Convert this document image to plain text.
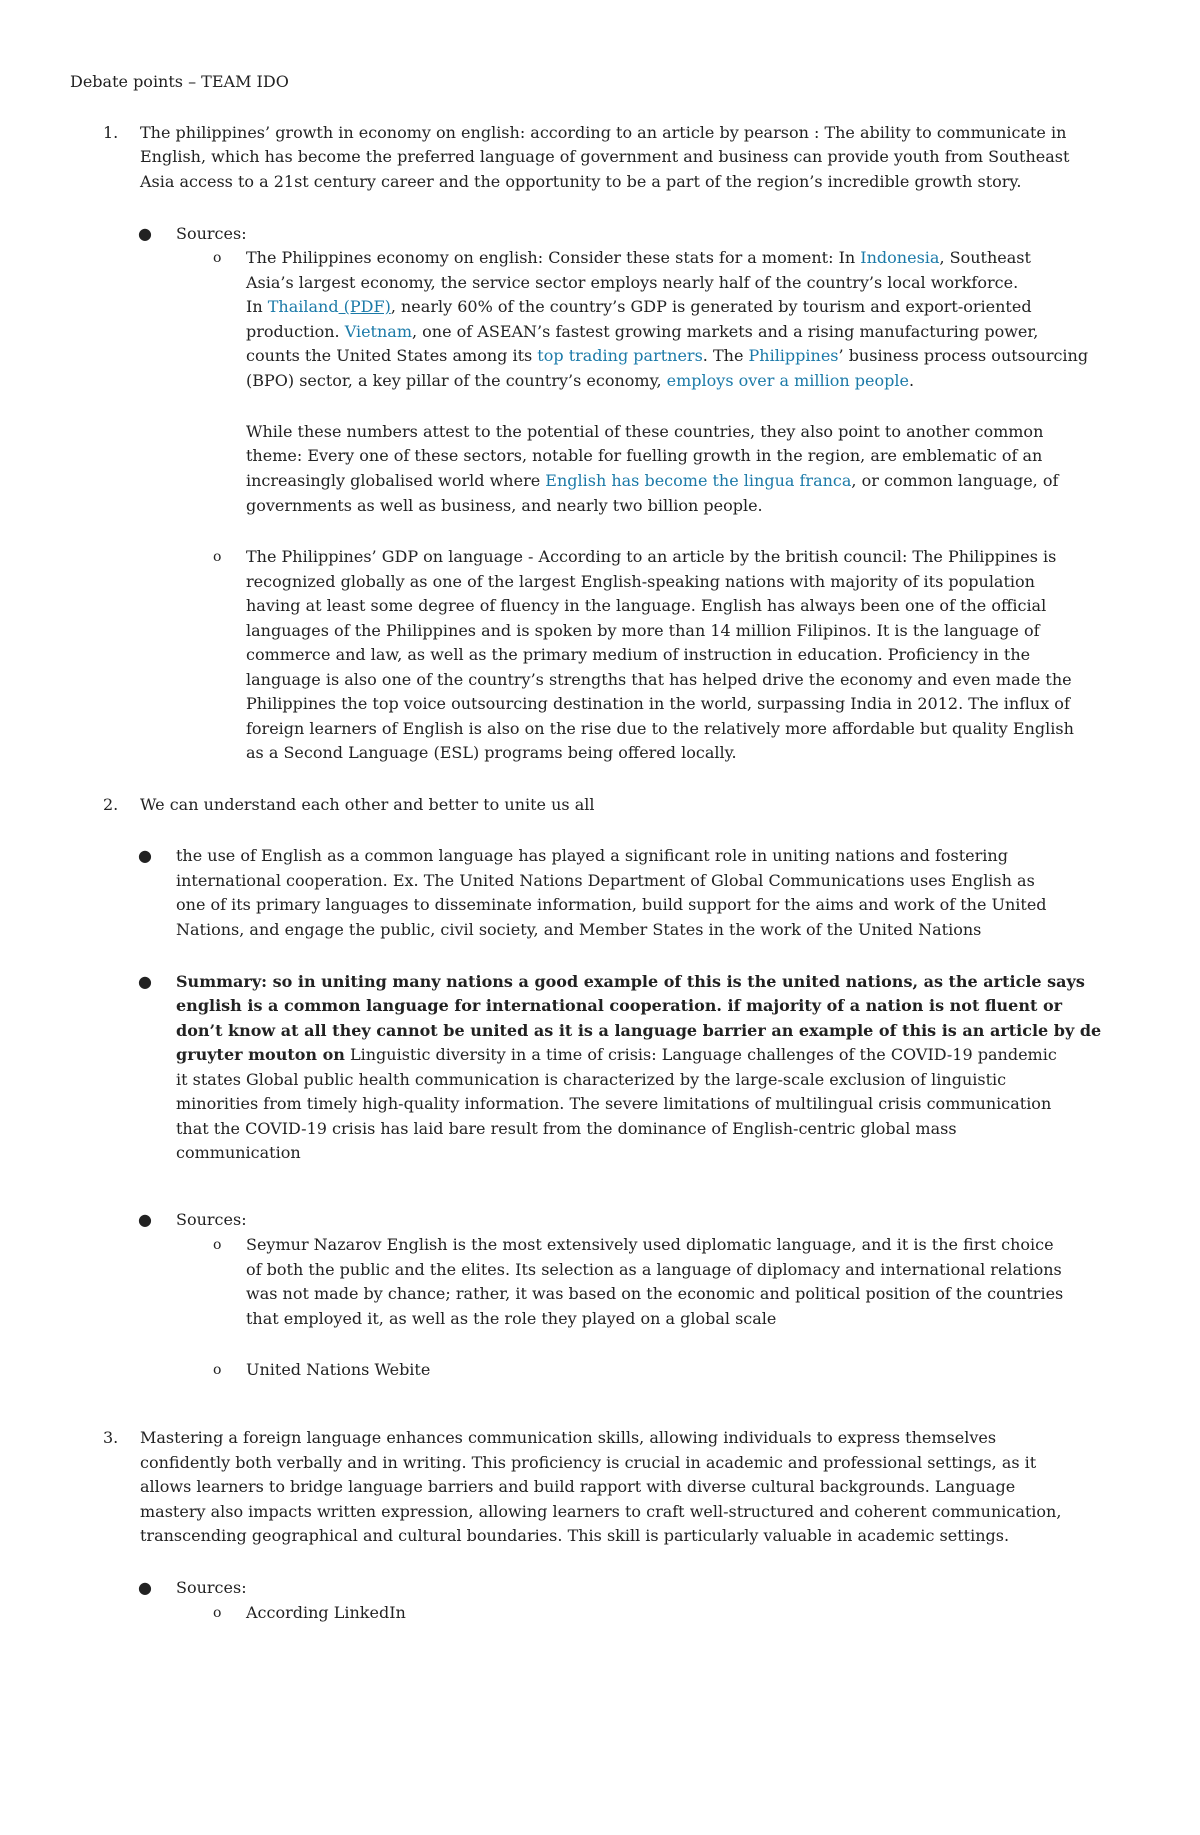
Debate points – TEAM IDO
1. The philippines’ growth in economy on english: according to an article by pearson : The ability to communicate in
English, which has become the preferred language of government and business can provide youth from Southeast
Asia access to a 21st century career and the opportunity to be a part of the region’s incredible growth story.
● Sources:
o The Philippines economy on english: Consider these stats for a moment: In Indonesia, Southeast
Asia’s largest economy, the service sector employs nearly half of the country’s local workforce.
In Thailand (PDF), nearly 60% of the country’s GDP is generated by tourism and export-oriented
production. Vietnam, one of ASEAN’s fastest growing markets and a rising manufacturing power,
counts the United States among its top trading partners. The Philippines’ business process outsourcing
(BPO) sector, a key pillar of the country’s economy, employs over a million people.
While these numbers attest to the potential of these countries, they also point to another common
theme: Every one of these sectors, notable for fuelling growth in the region, are emblematic of an
increasingly globalised world where English has become the lingua franca, or common language, of
governments as well as business, and nearly two billion people.
o The Philippines’ GDP on language - According to an article by the british council: The Philippines is
recognized globally as one of the largest English-speaking nations with majority of its population
having at least some degree of fluency in the language. English has always been one of the official
languages of the Philippines and is spoken by more than 14 million Filipinos. It is the language of
commerce and law, as well as the primary medium of instruction in education. Proficiency in the
language is also one of the country’s strengths that has helped drive the economy and even made the
Philippines the top voice outsourcing destination in the world, surpassing India in 2012. The influx of
foreign learners of English is also on the rise due to the relatively more affordable but quality English
as a Second Language (ESL) programs being offered locally.
2. We can understand each other and better to unite us all
● the use of English as a common language has played a significant role in uniting nations and fostering
international cooperation. Ex. The United Nations Department of Global Communications uses English as
one of its primary languages to disseminate information, build support for the aims and work of the United
Nations, and engage the public, civil society, and Member States in the work of the United Nations
● Summary: so in uniting many nations a good example of this is the united nations, as the article says
english is a common language for international cooperation. if majority of a nation is not fluent or
don’t know at all they cannot be united as it is a language barrier an example of this is an article by de
gruyter mouton on Linguistic diversity in a time of crisis: Language challenges of the COVID-19 pandemic
it states Global public health communication is characterized by the large-scale exclusion of linguistic
minorities from timely high-quality information. The severe limitations of multilingual crisis communication
that the COVID-19 crisis has laid bare result from the dominance of English-centric global mass
communication
● Sources:
o Seymur Nazarov English is the most extensively used diplomatic language, and it is the first choice
of both the public and the elites. Its selection as a language of diplomacy and international relations
was not made by chance; rather, it was based on the economic and political position of the countries
that employed it, as well as the role they played on a global scale
o United Nations Webite
3. Mastering a foreign language enhances communication skills, allowing individuals to express themselves
confidently both verbally and in writing. This proficiency is crucial in academic and professional settings, as it
allows learners to bridge language barriers and build rapport with diverse cultural backgrounds. Language
mastery also impacts written expression, allowing learners to craft well-structured and coherent communication,
transcending geographical and cultural boundaries. This skill is particularly valuable in academic settings.
● Sources:
o According LinkedIn
